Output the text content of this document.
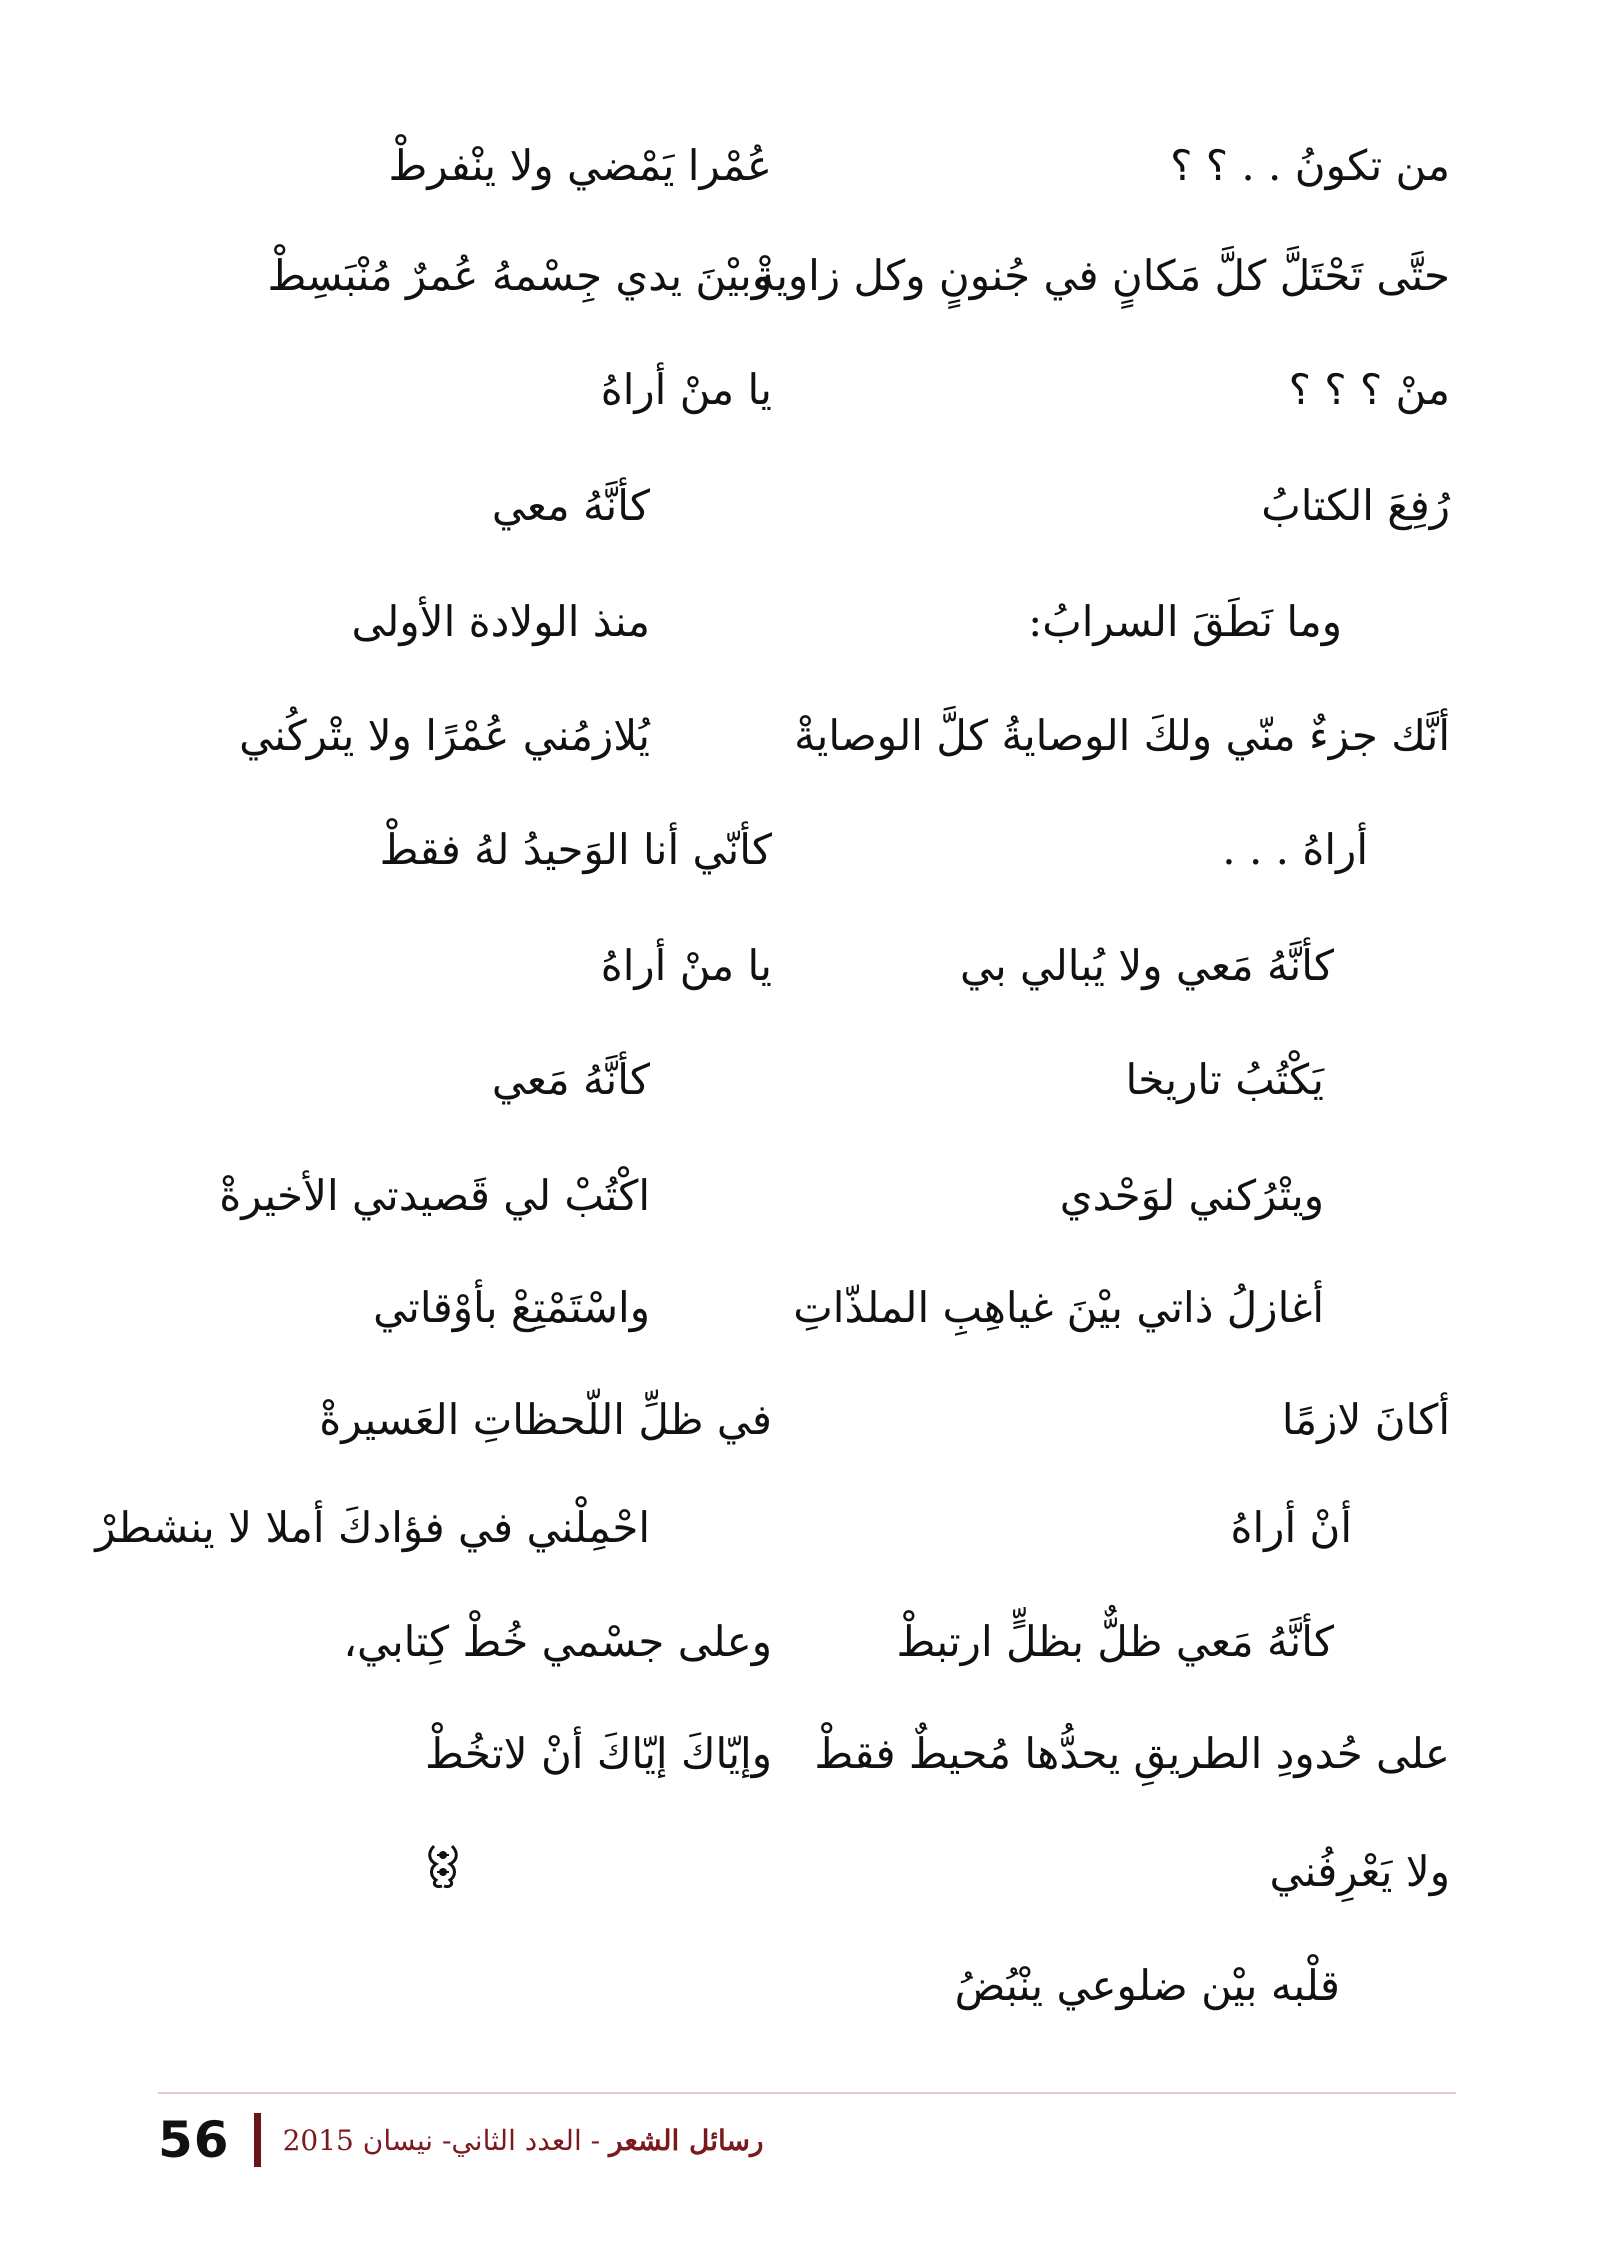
من تكونُ . . ؟ ؟
حتَّى تَحْتَلَّ كلَّ مَكانٍ في جُنونٍ وكل زاويةْ
منْ ؟ ؟ ؟
رُفِعَ الكتابُ
وما نَطَقَ السرابُ:
أنَّك جزءٌ منّي ولكَ الوصايةُ كلَّ الوصايةْ
أراهُ . . .
كأنَّهُ مَعي ولا يُبالي بي
يَكْتُبُ تاريخا
ويتْرُكني لوَحْدي
أغازلُ ذاتي بيْنَ غياهِبِ الملذّاتِ
أكانَ لازمًا
أنْ أراهُ
كأنَّهُ مَعي ظلٌّ بظلٍّ ارتبطْ
على حُدودِ الطريقِ يحدُّها مُحيطٌ فقطْ
ولا يَعْرِفُني
قلْبه بيْن ضلوعي ينْبُضُ
عُمْرا يَمْضي ولا ينْفرطْ
وبيْنَ يدي جِسْمهُ عُمرٌ مُنْبَسِطْ
يا منْ أراهُ
كأنَّهُ معي
منذ الولادة الأولى
يُلازمُني عُمْرًا ولا يتْركُني
كأنّي أنا الوَحيدُ لهُ فقطْ
يا منْ أراهُ
كأنَّهُ مَعي
اكْتُبْ لي قَصيدتي الأخيرةْ
واسْتَمْتِعْ بأوْقاتي
في ظلِّ اللّحظاتِ العَسيرةْ
احْمِلْني في فؤادكَ أملا لا ينشطرْ
وعلى جسْمي خُطْ كِتابي،
وإيّاكَ إيّاكَ أنْ لاتخُطْ
56	رسائل الشعر - العدد الثاني- نيسان 2015
